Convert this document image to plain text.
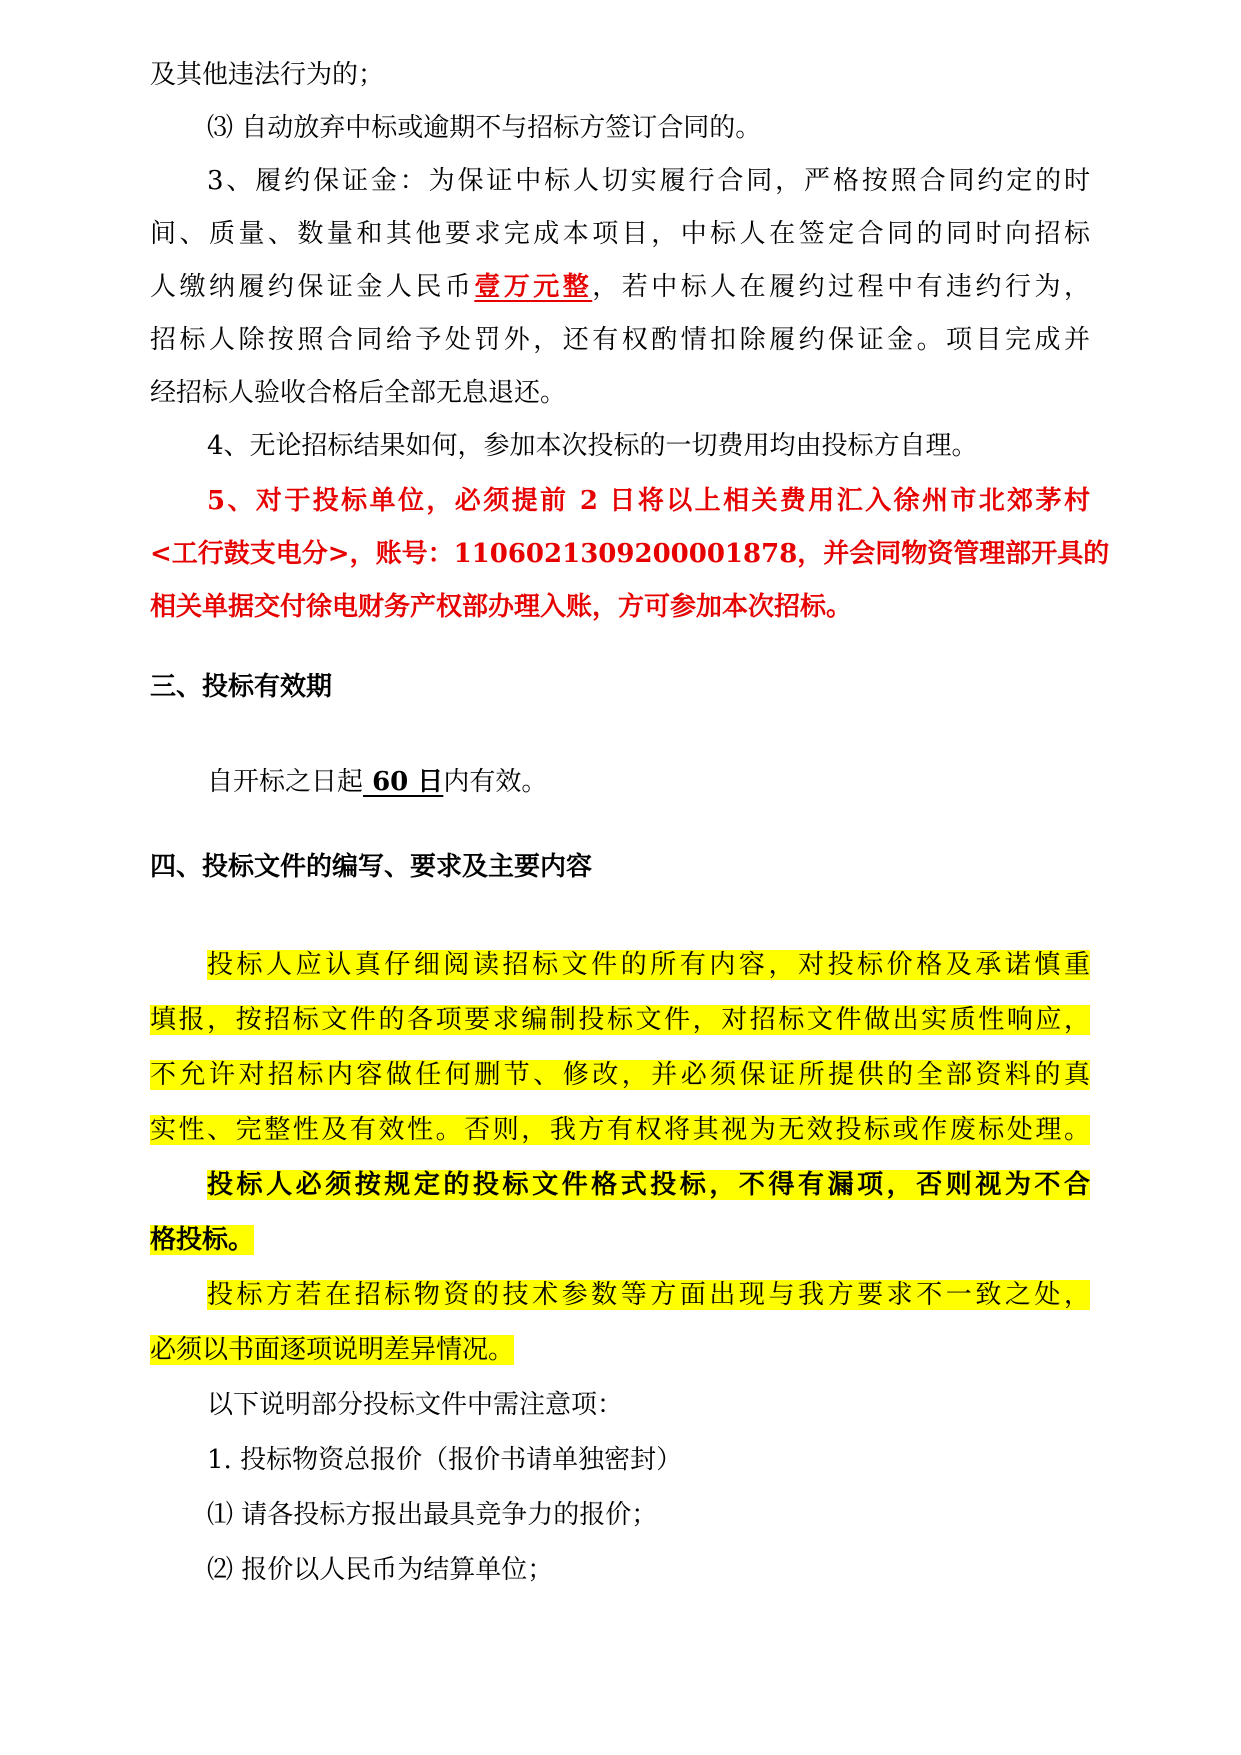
及其他违法行为的；
⑶ 自动放弃中标或逾期不与招标方签订合同的。
3、履约保证金：为保证中标人切实履行合同，严格按照合同约定的时
间、质量、数量和其他要求完成本项目，中标人在签定合同的同时向招标
人缴纳履约保证金人民币壹万元整，若中标人在履约过程中有违约行为，
招标人除按照合同给予处罚外，还有权酌情扣除履约保证金。项目完成并
经招标人验收合格后全部无息退还。
4、无论招标结果如何，参加本次投标的一切费用均由投标方自理。
5、对于投标单位，必须提前 2 日将以上相关费用汇入徐州市北郊茅村
<工行鼓支电分>，账号：1106021309200001878，并会同物资管理部开具的
相关单据交付徐电财务产权部办理入账，方可参加本次招标。
三、投标有效期
自开标之日起 60 日内有效。
四、投标文件的编写、要求及主要内容
投标人应认真仔细阅读招标文件的所有内容，对投标价格及承诺慎重
填报，按招标文件的各项要求编制投标文件，对招标文件做出实质性响应，
不允许对招标内容做任何删节、修改，并必须保证所提供的全部资料的真
实性、完整性及有效性。否则，我方有权将其视为无效投标或作废标处理。
投标人必须按规定的投标文件格式投标，不得有漏项，否则视为不合
格投标。
投标方若在招标物资的技术参数等方面出现与我方要求不一致之处，
必须以书面逐项说明差异情况。
以下说明部分投标文件中需注意项：
1. 投标物资总报价（报价书请单独密封）
⑴ 请各投标方报出最具竞争力的报价；
⑵ 报价以人民币为结算单位；
